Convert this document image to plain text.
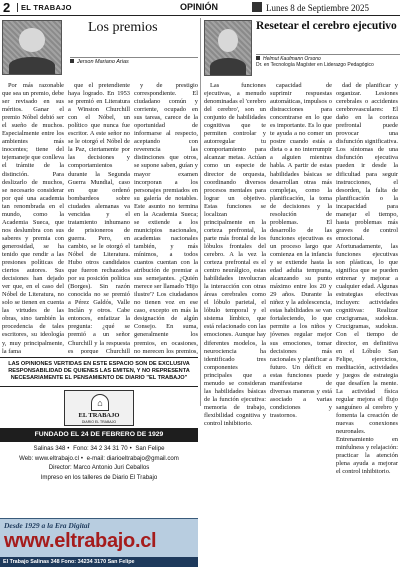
2	EL TRABAJO	OPINIÓN	Lunes 8 de Septiembre 2025
Los premios
Jerson Mariano Arias

Por más razonable que sea un premio, debe ser revisado en sus méritos. Ganar el premio Nóbel debió ser el sueño de muchos. Especialmente entre los ambientes más inocentes; tiene del tejemaneje que conlleva el trámite de la distinción. Para deslizarlo de muchos, se necesario considerar por qué una academia tan renombrada en el mundo, como la Academia Sueca, que nos deslumbra con sus saberes y premia con generosidad, se ha tenido que rendir a las presiones políticas de ciertos autores. Sus decisiones han dejado ver que, en el caso del Nóbel de Literatura, no solo se tienen en cuenta las virtudes de las obras, sino también la procedencia de tales escritores, su ideología y, muy principalmente, la fama

que el pretendiente haya logrado. En 1953 se premió en Literatura a Winston Churchill con el Nóbel, un político que nunca fue escritor. A este señor no se le otorgó el Nóbel de la Paz, ciertamente por las decisiones y comportamientos durante la Segunda Guerra Mundial, caso en que ordenó bombardeos sobre ciudades alemanas va vencidas y el tratamiento inhumano de prisioneros de guerra. Pero, en cambio, se le otorgó el Nóbel de Literatura. Hubo otros candidatos que fueron rechazados por su posición política (Borges). Sin razón conocida no se premió a Pérez Galdós, Valle Inclán y otros. Cabe entonces, enfatizar la pregunta: ¿qué se premió a un señor Churchill y la respuesta es porque Churchill

y de prestigio correspondiente. El ciudadano común y corriente, ocupado en sus tareas, carece de la oportunidad de informarse al respecto, aceptando con reverencia las distinciones que otros, se supone saben, guían y mayor examen incorporan a los personajes premiados en su galería de notables. Este asunto no termina en la Academia Sueca; se extiende a los municipios nacionales, academias nacionales también, y más mínimos, a todos cuantos cuentan con la atribución de premiar a sus semejantes. ¿Quién merece ser llamado 'Hijo ilustre'? Los ciudadanos no tienen voz en ese caso, excepto en más la designación de algún Consejo. En suma, generalmente los premios, en ocasiones, no merecen los premios,

Resetear el cerebro ejecutivo
Helmut Kaufmann Orsono
Dr. en Tecnología Magíster en Liderazgo Pedagógico

Las funciones ejecutivas, a menudo denominadas el 'cerebro del cerebro', son un conjunto de habilidades cognitivas que te permiten controlar y autorregular tu comportamiento para alcanzar metas. Actúan como un especie de director de orquesta, coordinando diversos procesos mentales para lograr un objetivo. Estas funciones se localizan principalmente en la corteza prefrontal, la parte más frontal de los lóbulos frontales del cerebro. A la vez la corteza prefrontal es el centro neurálgico, estas habilidades involucran la interacción con otras áreas cerebrales como el lóbulo parietal, el lóbulo temporal y el sistema límbico, que está relacionado con las emociones. Aunque hay diferentes modelos, la neurociencia ha identificado tres componentes principales que a menudo se consideran las habilidades básicas de la función ejecutiva: memoria de trabajo, flexibilidad cognitiva y control inhibitorio.

capacidad de suprimir respuestas automáticas, impulsos o distracciones para concentrarse en lo que es importante. Es lo que te ayuda a no comer un postre cuando estás a dieta o a no interrumpir a alguien mientras habla. A partir de estas habilidades básicas se desarrollan otras más complejas, como la planificación, la toma de decisiones y la resolución de problemas. El desarrollo de las funciones ejecutivas es un proceso largo que comienza en la infancia y se extiende hasta la edad adulta temprana, alcanzando su punto máximo entre los 20 y 29 años. Durante la niñez y la adolescencia, estas habilidades se van fortaleciendo, lo que permite a los niños y jóvenes regular mejor sus emociones, tomar decisiones más racionales y planificar a futuro. Un déficit en estas funciones puede manifestarse de diversas maneras y está asociado a varias condiciones y trastornos.

dad de planificar y organizar. Lesiones cerebrales o accidentes cerebrovasculares: El daño en la corteza prefrontal puede provocar una disfunción significativa. Los síntomas de una disfunción ejecutiva pueden ir desde la dificultad para seguir instrucciones, el desorden, la falta de planificación o la incapacidad para manejar el tiempo, hasta problemas más graves de control emocional. Afortunadamente, las funciones ejecutivas son plásticas, lo que significa que se pueden entrenar y mejorar a cualquier edad. Algunas estrategias efectivas incluyen: actividades cognitivas: Realizar crucigramas, sudokus. Crucigramas, sudokus. Con el tiempo de director, en definitiva en el Lóbulo San Felipe, ejercicios, meditación, actividades y juegos de estrategia que desafíen la mente. La actividad física regular mejora el flujo sanguíneo al cerebro y fomenta la creación de nuevas conexiones neuronales. Entrenamiento en minfulness y relajación: practicar la atención plena ayuda a mejorar el control inhibitorio.

LAS OPINIONES VERTIDAS EN ESTE ESPACIO SON DE EXCLUSIVA RESPONSABILIDAD DE QUIENES LAS EMITEN, Y NO REPRESENTA NECESARIAMENTE EL PENSAMIENTO DE DIARIO "EL TRABAJO"
⌂
EL TRABAJO
DIARIO EL TRABAJO
FUNDADO EL 24 DE FEBRERO DE 1929
Salinas 348 • Fono: 34 2 34 31 70 • San Felipe
Web: www.eltrabajo.cl • e-mail: diarioeltrabajo@gmail.com
Director: Marco Antonio Juri Ceballos
Impreso en los talleres de Diario El Trabajo
Desde 1929 a la Era Digital
www.eltrabajo.cl
El Trabajo Salinas 348 Fono: 34234 3170 San Felipe
